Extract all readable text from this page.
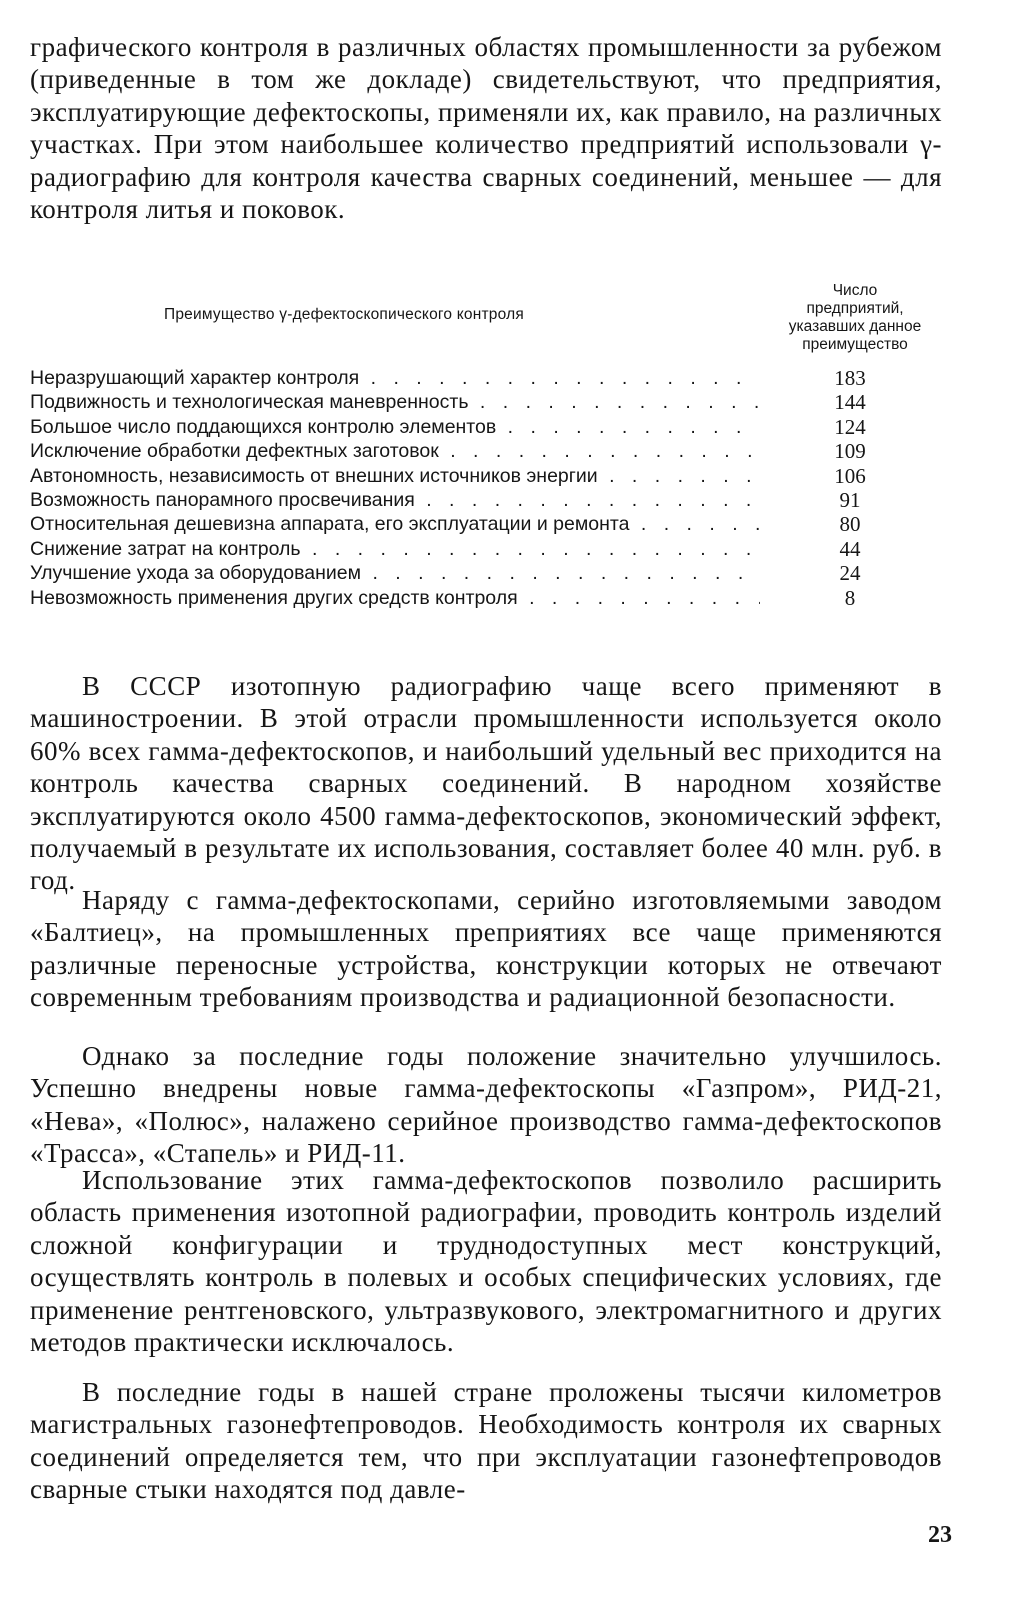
графического контроля в различных областях промышленности за рубежом (приведенные в том же докладе) свидетельствуют, что предприятия, эксплуатирующие дефектоскопы, применяли их, как правило, на различных участках. При этом наибольшее количество предприятий использовали γ-радиографию для контроля качества сварных соединений, меньшее — для контроля литья и поковок.

Преимущество γ-дефектоскопического контроля
Число
предприятий,
указавших данное
преимущество
Неразрушающий характер контроля . . .	183
Подвижность и технологическая маневренность . . .	144
Большое число поддающихся контролю элементов . . .	124
Исключение обработки дефектных заготовок . . .	109
Автономность, независимость от внешних источников энергии . . .	106
Возможность панорамного просвечивания . . .	91
Относительная дешевизна аппарата, его эксплуатации и ремонта . . .	80
Снижение затрат на контроль . . .	44
Улучшение ухода за оборудованием . . .	24
Невозможность применения других средств контроля . . .	8

В СССР изотопную радиографию чаще всего применяют в машиностроении. В этой отрасли промышленности используется около 60% всех гамма-дефектоскопов, и наибольший удельный вес приходится на контроль качества сварных соединений. В народном хозяйстве эксплуатируются около 4500 гамма-дефектоскопов, экономический эффект, получаемый в результате их использования, составляет более 40 млн. руб. в год.

Наряду с гамма-дефектоскопами, серийно изготовляемыми заводом «Балтиец», на промышленных преприятиях все чаще применяются различные переносные устройства, конструкции которых не отвечают современным требованиям производства и радиационной безопасности.

Однако за последние годы положение значительно улучшилось. Успешно внедрены новые гамма-дефектоскопы «Газпром», РИД-21, «Нева», «Полюс», налажено серийное производство гамма-дефектоскопов «Трасса», «Стапель» и РИД-11.

Использование этих гамма-дефектоскопов позволило расширить область применения изотопной радиографии, проводить контроль изделий сложной конфигурации и труднодоступных мест конструкций, осуществлять контроль в полевых и особых специфических условиях, где применение рентгеновского, ультразвукового, электромагнитного и других методов практически исключалось.

В последние годы в нашей стране проложены тысячи километров магистральных газонефтепроводов. Необходимость контроля их сварных соединений определяется тем, что при эксплуатации газонефтепроводов сварные стыки находятся под давле-

23
